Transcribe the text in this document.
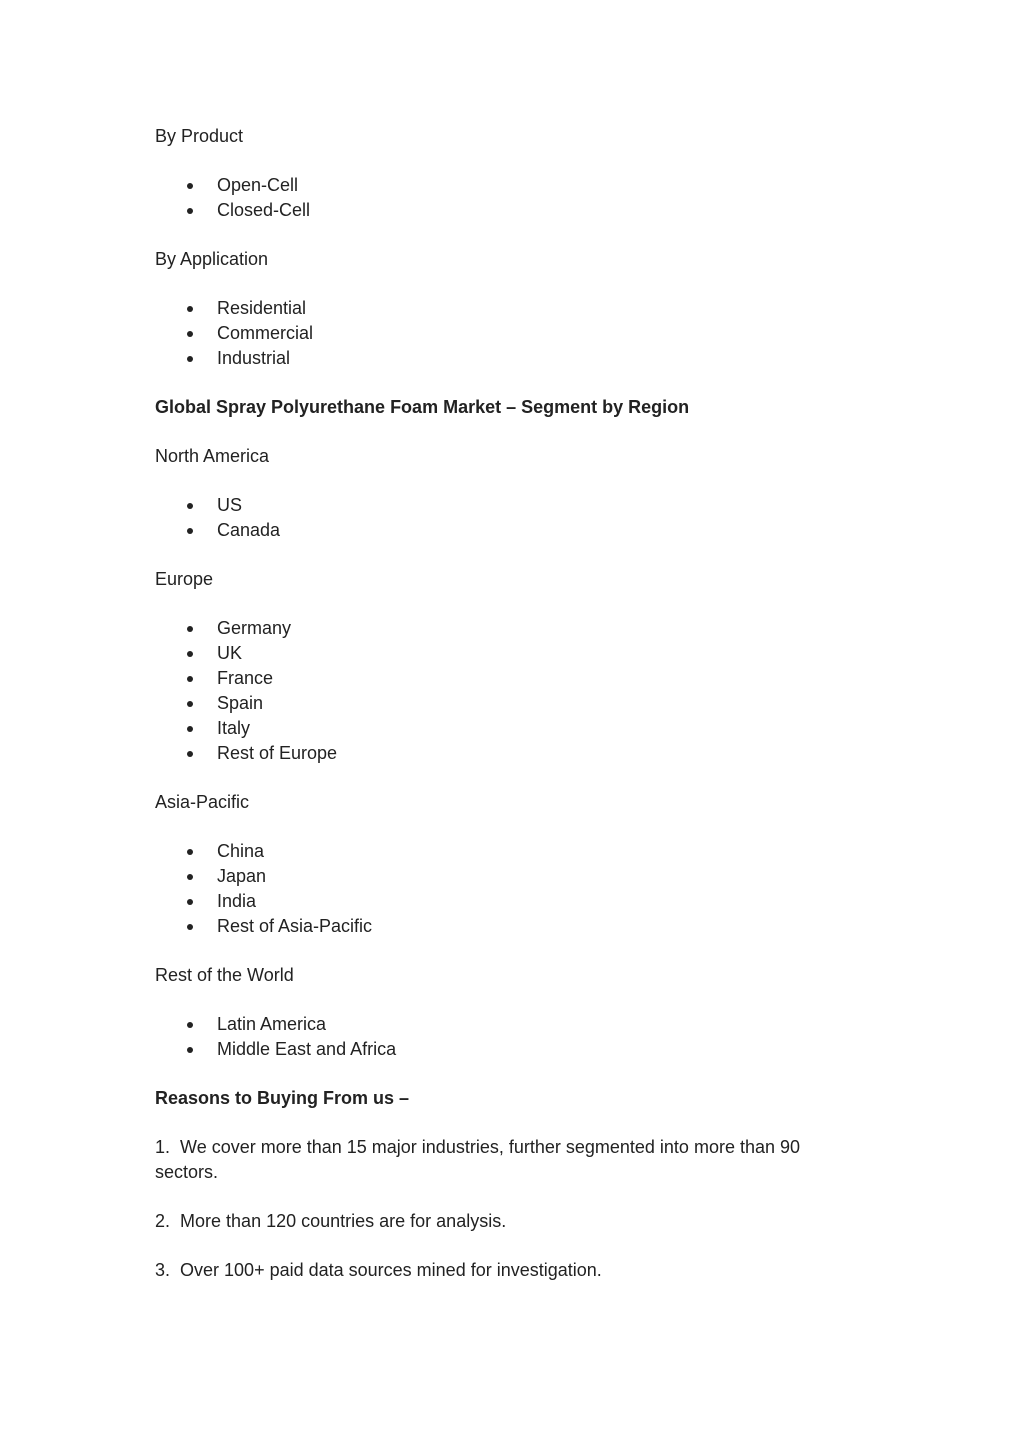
By Product
Open-Cell
Closed-Cell
By Application
Residential
Commercial
Industrial
Global Spray Polyurethane Foam Market – Segment by Region
North America
US
Canada
Europe
Germany
UK
France
Spain
Italy
Rest of Europe
Asia-Pacific
China
Japan
India
Rest of Asia-Pacific
Rest of the World
Latin America
Middle East and Africa
Reasons to Buying From us –
1. We cover more than 15 major industries, further segmented into more than 90 sectors.
2. More than 120 countries are for analysis.
3. Over 100+ paid data sources mined for investigation.
